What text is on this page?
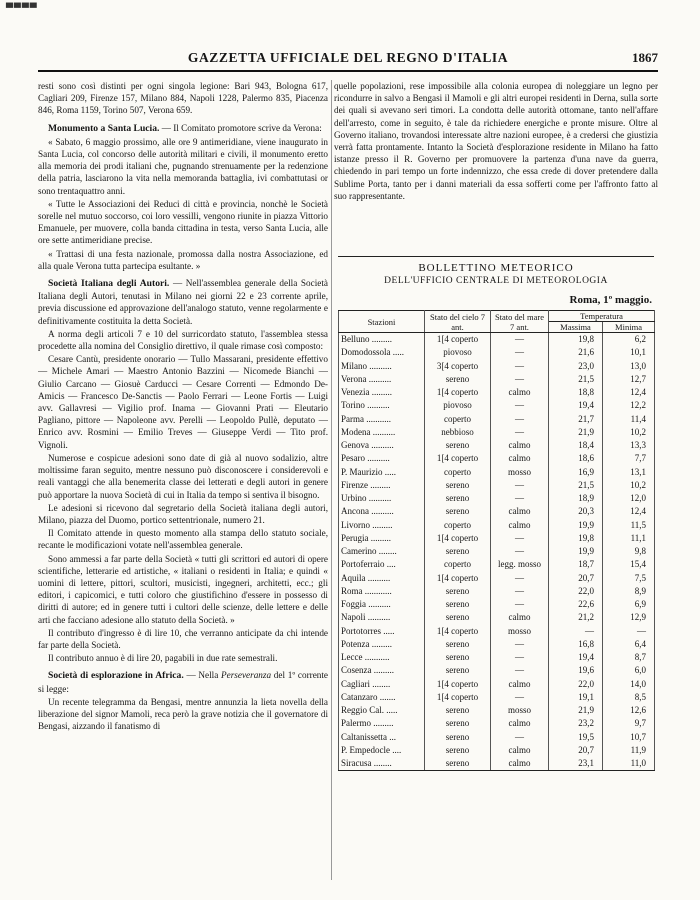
▀▀▀▀
GAZZETTA UFFICIALE DEL REGNO D'ITALIA	1867

resti sono così distinti per ogni singola legione: Bari 943, Bologna 617, Cagliari 209, Firenze 157, Milano 884, Napoli 1228, Palermo 835, Piacenza 846, Roma 1159, Torino 507, Verona 659.

Monumento a Santa Lucia. — Il Comitato promotore scrive da Verona:

« Sabato, 6 maggio prossimo, alle ore 9 antimeridiane, viene inaugurato in Santa Lucia, col concorso delle autorità militari e civili, il monumento eretto alla memoria dei prodi italiani che, pugnando strenuamente per la redenzione della patria, lasciarono la vita nella memoranda battaglia, ivi combattutasi or sono trentaquattro anni.

« Tutte le Associazioni dei Reduci di città e provincia, nonchè le Società sorelle nel mutuo soccorso, coi loro vessilli, vengono riunite in piazza Vittorio Emanuele, per muovere, colla banda cittadina in testa, verso Santa Lucia, alle ore sette antimeridiane precise.

« Trattasi di una festa nazionale, promossa dalla nostra Associazione, ed alla quale Verona tutta partecipa esultante. »

Società Italiana degli Autori. — Nell'assemblea generale della Società Italiana degli Autori, tenutasi in Milano nei giorni 22 e 23 corrente aprile, previa discussione ed approvazione dell'analogo statuto, venne regolarmente e definitivamente costituita la detta Società.

A norma degli articoli 7 e 10 del surricordato statuto, l'assemblea stessa procedette alla nomina del Consiglio direttivo, il quale rimase così composto:

Cesare Cantù, presidente onorario — Tullo Massarani, presidente effettivo — Michele Amari — Maestro Antonio Bazzini — Nicomede Bianchi — Giulio Carcano — Giosuè Carducci — Cesare Correnti — Edmondo De-Amicis — Francesco De-Sanctis — Paolo Ferrari — Leone Fortis — Luigi avv. Gallavresi — Vigilio prof. Inama — Giovanni Prati — Eleutario Pagliano, pittore — Napoleone avv. Perelli — Leopoldo Pullè, deputato — Enrico avv. Rosmini — Emilio Treves — Giuseppe Verdi — Tito prof. Vignoli.

Numerose e cospicue adesioni sono date di già al nuovo sodalizio, altre moltissime faran seguito, mentre nessuno può disconoscere i considerevoli e reali vantaggi che alla benemerita classe dei letterati e degli autori in genere può apportare la nuova Società di cui in Italia da tempo si sentiva il bisogno.

Le adesioni si ricevono dal segretario della Società italiana degli autori, Milano, piazza del Duomo, portico settentrionale, numero 21.

Il Comitato attende in questo momento alla stampa dello statuto sociale, recante le modificazioni votate nell'assemblea generale.

Sono ammessi a far parte della Società « tutti gli scrittori ed autori di opere scientifiche, letterarie ed artistiche, « italiani o residenti in Italia; e quindi « uomini di lettere, pittori, scultori, musicisti, ingegneri, architetti, ecc.; gli editori, i capicomici, e tutti coloro che giustifichino d'essere in possesso di diritti di autore; ed in genere tutti i cultori delle scienze, delle lettere e delle arti che facciano adesione allo statuto della Società. »

Il contributo d'ingresso è di lire 10, che verranno anticipate da chi intende far parte della Società.

Il contributo annuo è di lire 20, pagabili in due rate semestrali.

Società di esplorazione in Africa. — Nella Perseveranza del 1º corrente si legge:

Un recente telegramma da Bengasi, mentre annunzia la lieta novella della liberazione del signor Mamoli, reca però la grave notizia che il governatore di Bengasi, aizzando il fanatismo di

quelle popolazioni, rese impossibile alla colonia europea di noleggiare un legno per ricondurre in salvo a Bengasi il Mamoli e gli altri europei residenti in Derna, sulla sorte dei quali si avevano seri timori. La condotta delle autorità ottomane, tanto nell'affare dell'arresto, come in seguito, è tale da richiedere energiche e pronte misure. Oltre al Governo italiano, trovandosi interessate altre nazioni europee, è a credersi che giustizia verrà fatta prontamente. Intanto la Società d'esplorazione residente in Milano ha fatto istanze presso il R. Governo per promuovere la partenza d'una nave da guerra, chiedendo in pari tempo un forte indennizzo, che essa crede di dover pretendere dalla Sublime Porta, tanto per i danni materiali da essa sofferti come per l'affronto fatto al suo rappresentante.

BOLLETTINO METEORICO
DELL'UFFICIO CENTRALE DI METEOROLOGIA
Roma, 1º maggio.
Stazioni	Stato del cielo 7 ant.	Stato del mare 7 ant.	Temperatura	
			Massima	Minima
Belluno .........	1[4 coperto	—	19,8	6,2
Domodossola .....	piovoso	—	21,6	10,1
Milano ..........	3[4 coperto	—	23,0	13,0
Verona ..........	sereno	—	21,5	12,7
Venezia .........	1[4 coperto	calmo	18,8	12,4
Torino ..........	piovoso	—	19,4	12,2
Parma ...........	coperto	—	21,7	11,4
Modena ..........	nebbioso	—	21,9	10,2
Genova ..........	sereno	calmo	18,4	13,3
Pesaro ..........	1[4 coperto	calmo	18,6	7,7
P. Maurizio .....	coperto	mosso	16,9	13,1
Firenze .........	sereno	—	21,5	10,2
Urbino ..........	sereno	—	18,9	12,0
Ancona ..........	sereno	calmo	20,3	12,4
Livorno .........	coperto	calmo	19,9	11,5
Perugia .........	1[4 coperto	—	19,8	11,1
Camerino ........	sereno	—	19,9	9,8
Portoferraio ....	coperto	legg. mosso	18,7	15,4
Aquila ..........	1[4 coperto	—	20,7	7,5
Roma ............	sereno	—	22,0	8,9
Foggia ..........	sereno	—	22,6	6,9
Napoli ..........	sereno	calmo	21,2	12,9
Portotorres .....	1[4 coperto	mosso	—	—
Potenza .........	sereno	—	16,8	6,4
Lecce ...........	sereno	—	19,4	8,7
Cosenza .........	sereno	—	19,6	6,0
Cagliari ........	1[4 coperto	calmo	22,0	14,0
Catanzaro .......	1[4 coperto	—	19,1	8,5
Reggio Cal. .....	sereno	mosso	21,9	12,6
Palermo .........	sereno	calmo	23,2	9,7
Caltanissetta ...	sereno	—	19,5	10,7
P. Empedocle ....	sereno	calmo	20,7	11,9
Siracusa ........	sereno	calmo	23,1	11,0
